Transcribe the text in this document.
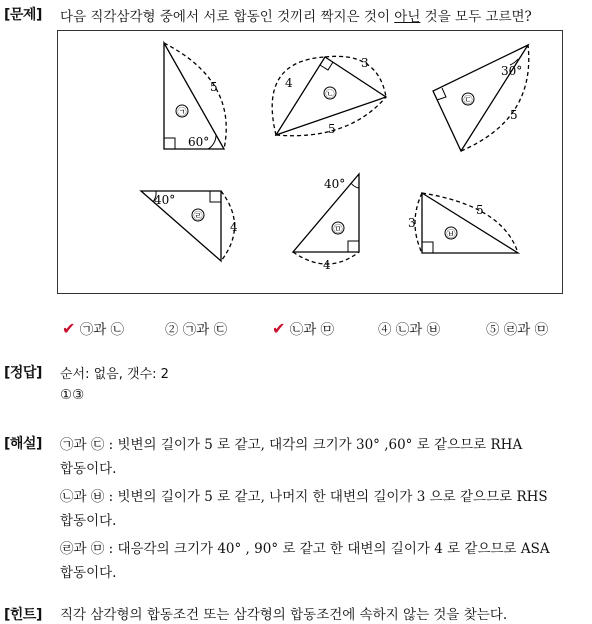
[문제] 다음 직각삼각형 중에서 서로 합동인 것끼리 짝지은 것이 아닌 것을 모두 고르면?
㉠
5
60°
㉡
4
3
5
㉢
30°
5
㉣
40°
4	㉤
40°
4
㉥
3
5
✔ ㉠과 ㉡	② ㉠과 ㉢	✔ ㉡과 ㉤	④ ㉡과 ㉥	⑤ ㉣과 ㉤
[정답] 순서: 없음, 갯수: 2
①③
[해설] ㉠과 ㉢ : 빗변의 길이가 5 로 같고, 대각의 크기가 30° ,60° 로 같으므로 RHA
합동이다.
㉡과 ㉥ : 빗변의 길이가 5 로 같고, 나머지 한 대변의 길이가 3 으로 같으므로 RHS
합동이다.
㉣과 ㉤ : 대응각의 크기가 40° , 90° 로 같고 한 대변의 길이가 4 로 같으므로 ASA
합동이다.
[힌트] 직각 삼각형의 합동조건 또는 삼각형의 합동조건에 속하지 않는 것을 찾는다.
